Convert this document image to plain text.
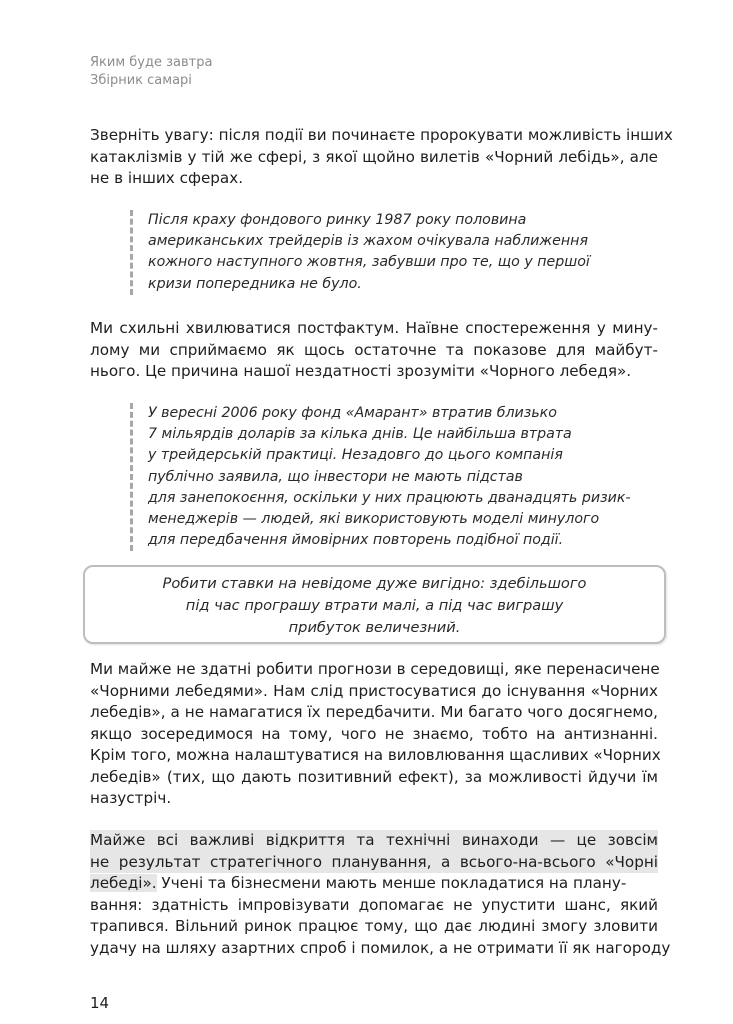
Яким буде завтра
Збірник самарі
Зверніть увагу: після події ви починаєте пророкувати можливість інших
катаклізмів у тій же сфері, з якої щойно вилетів «Чорний лебідь», але
не в інших сферах.
Після краху фондового ринку 1987 року половина
американських трейдерів із жахом очікувала наближення
кожного наступного жовтня, забувши про те, що у першої
кризи попередника не було.
Ми схильні хвилюватися постфактум. Наївне спостереження у мину-
лому ми сприймаємо як щось остаточне та показове для майбут-
нього. Це причина нашої нездатності зрозуміти «Чорного лебедя».
У вересні 2006 року фонд «Амарант» втратив близько
7 мільярдів доларів за кілька днів. Це найбільша втрата
у трейдерській практиці. Незадовго до цього компанія
публічно заявила, що інвестори не мають підстав
для занепокоєння, оскільки у них працюють дванадцять ризик-
менеджерів — людей, які використовують моделі минулого
для передбачення ймовірних повторень подібної події.
Робити ставки на невідоме дуже вигідно: здебільшого
під час програшу втрати малі, а під час виграшу
прибуток величезний.
Ми майже не здатні робити прогнози в середовищі, яке перенасичене
«Чорними лебедями». Нам слід пристосуватися до існування «Чорних
лебедів», а не намагатися їх передбачити. Ми багато чого досягнемо,
якщо зосередимося на тому, чого не знаємо, тобто на антизнанні.
Крім того, можна налаштуватися на виловлювання щасливих «Чорних
лебедів» (тих, що дають позитивний ефект), за можливості йдучи їм
назустріч.
Майже всі важливі відкриття та технічні винаходи — це зовсім
не результат стратегічного планування, а всього-на-всього «Чорні
лебеді». Учені та бізнесмени мають менше покладатися на плану-
вання: здатність імпровізувати допомагає не упустити шанс, який
трапився. Вільний ринок працює тому, що дає людині змогу зловити
удачу на шляху азартних спроб і помилок, а не отримати її як нагороду
14
